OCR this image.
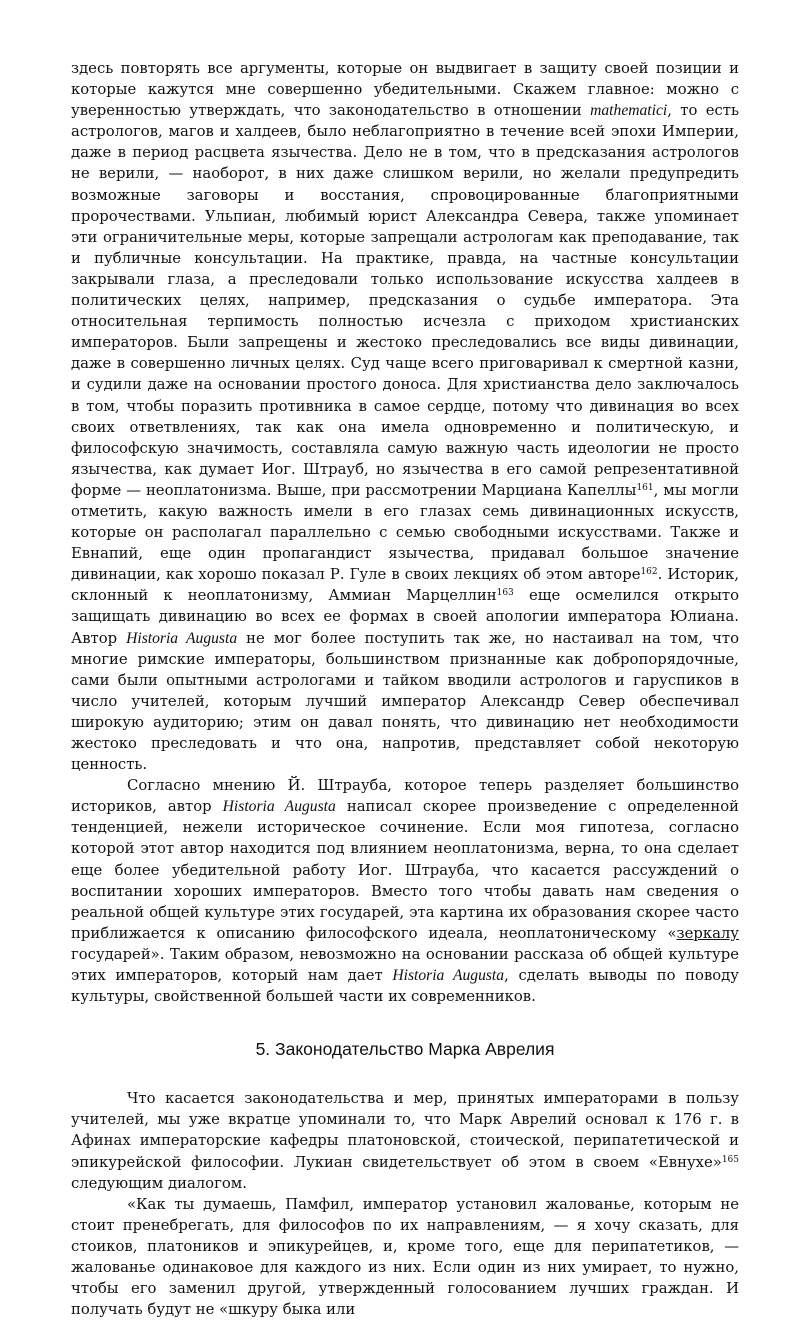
здесь повторять все аргументы, которые он выдвигает в защиту своей позиции и которые кажутся мне совершенно убедительными. Скажем главное: можно с уверенностью утверждать, что законодательство в отношении mathematici, то есть астрологов, магов и халдеев, было неблагоприятно в течение всей эпохи Империи, даже в период расцвета язычества. Дело не в том, что в предсказания астрологов не верили, — наоборот, в них даже слишком верили, но желали предупредить возможные заговоры и восстания, спровоцированные благоприятными пророчествами. Ульпиан, любимый юрист Александра Севера, также упоминает эти ограничительные меры, которые запрещали астрологам как преподавание, так и публичные консультации. На практике, правда, на частные консультации закрывали глаза, а преследовали только использование искусства халдеев в политических целях, например, предсказания о судьбе императора. Эта относительная терпимость полностью исчезла с приходом христианских императоров. Были запрещены и жестоко преследовались все виды дивинации, даже в совершенно личных целях. Суд чаще всего приговаривал к смертной казни, и судили даже на основании простого доноса. Для христианства дело заключалось в том, чтобы поразить противника в самое сердце, потому что дивинация во всех своих ответвлениях, так как она имела одновременно и политическую, и философскую значимость, составляла самую важную часть идеологии не просто язычества, как думает Иог. Штрауб, но язычества в его самой репрезентативной форме — неоплатонизма. Выше, при рассмотрении Марциана Капеллы$^{161}$, мы могли отметить, какую важность имели в его глазах семь дивинационных искусств, которые он располагал параллельно с семью свободными искусствами. Также и Евнапий, еще один пропагандист язычества, придавал большое значение дивинации, как хорошо показал Р. Гуле в своих лекциях об этом авторе$^{162}$. Историк, склонный к неоплатонизму, Аммиан Марцеллин$^{163}$ еще осмелился открыто защищать дивинацию во всех ее формах в своей апологии императора Юлиана. Автор Historia Augusta не мог более поступить так же, но настаивал на том, что многие римские императоры, большинством признанные как добропорядочные, сами были опытными астрологами и тайком вводили астрологов и гаруспиков в число учителей, которым лучший император Александр Север обеспечивал широкую аудиторию; этим он давал понять, что дивинацию нет необходимости жестоко преследовать и что она, напротив, представляет собой некоторую ценность.

Согласно мнению Й. Штрауба, которое теперь разделяет большинство историков, автор Historia Augusta написал скорее произведение с определенной тенденцией, нежели историческое сочинение. Если моя гипотеза, согласно которой этот автор находится под влиянием неоплатонизма, верна, то она сделает еще более убедительной работу Иог. Штрауба, что касается рассуждений о воспитании хороших императоров. Вместо того чтобы давать нам сведения о реальной общей культуре этих государей, эта картина их образования скорее часто приближается к описанию философского идеала, неоплатоническому «зеркалу государей». Таким образом, невозможно на основании рассказа об общей культуре этих императоров, который нам дает Historia Augusta, сделать выводы по поводу культуры, свойственной большей части их современников.

5. Законодательство Марка Аврелия

Что касается законодательства и мер, принятых императорами в пользу учителей, мы уже вкратце упоминали то, что Марк Аврелий основал к 176 г. в Афинах императорские кафедры платоновской, стоической, перипатетической и эпикурейской философии. Лукиан свидетельствует об этом в своем «Евнухе»$^{165}$ следующим диалогом.

«Как ты думаешь, Памфил, император установил жалованье, которым не стоит пренебрегать, для философов по их направлениям, — я хочу сказать, для стоиков, платоников и эпикурейцев, и, кроме того, еще для перипатетиков, — жалованье одинаковое для каждого из них. Если один из них умирает, то нужно, чтобы его заменил другой, утвержденный голосованием лучших граждан. И получать будут не «шкуру быка или
